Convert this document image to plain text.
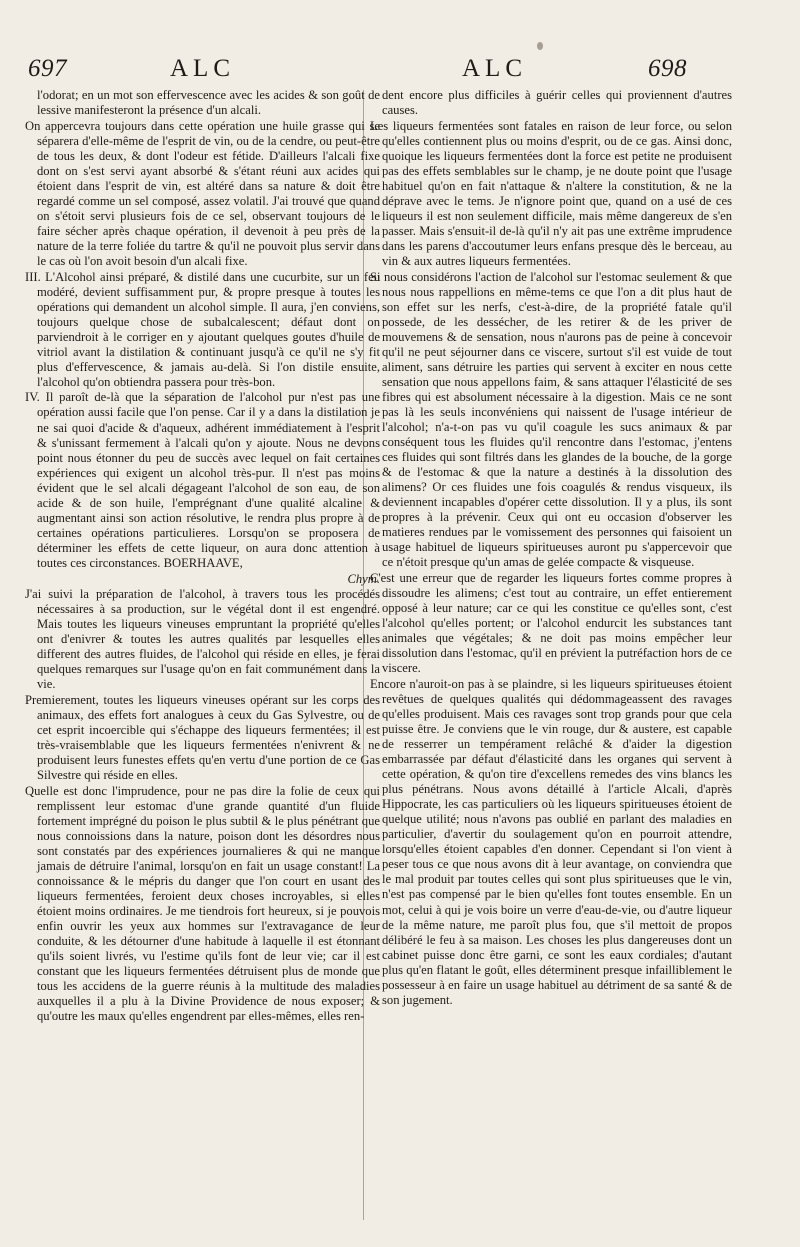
697	ALC	ALC	698

l'odorat; en un mot son effervescence avec les acides & son goût de lessive manifesteront la présence d'un alcali.

On appercevra toujours dans cette opération une huile grasse qui se séparera d'elle-même de l'esprit de vin, ou de la cendre, ou peut-être de tous les deux, & dont l'odeur est fétide. D'ailleurs l'alcali fixe dont on s'est servi ayant absorbé & s'étant réuni aux acides qui étoient dans l'esprit de vin, est altéré dans sa nature & doit être regardé comme un sel composé, assez volatil. J'ai trouvé que quand on s'étoit servi plusieurs fois de ce sel, observant toujours de le faire sécher après chaque opération, il devenoit à peu près de la nature de la terre foliée du tartre & qu'il ne pouvoit plus servir dans le cas où l'on avoit besoin d'un alcali fixe.

III. L'Alcohol ainsi préparé, & distilé dans une cucurbite, sur un feu modéré, devient suffisamment pur, & propre presque à toutes les opérations qui demandent un alcohol simple. Il aura, j'en conviens, toujours quelque chose de subalcalescent; défaut dont on parviendroit à le corriger en y ajoutant quelques goutes d'huile de vitriol avant la distilation & continuant jusqu'à ce qu'il ne s'y fit plus d'effervescence, & jamais au-delà. Si l'on distile ensuite, l'alcohol qu'on obtiendra passera pour très-bon.

IV. Il paroît de-là que la séparation de l'alcohol pur n'est pas une opération aussi facile que l'on pense. Car il y a dans la distilation je ne sai quoi d'acide & d'aqueux, adhérent immédiatement à l'esprit & s'unissant fermement à l'alcali qu'on y ajoute. Nous ne devons point nous étonner du peu de succès avec lequel on fait certaines expériences qui exigent un alcohol très-pur. Il n'est pas moins évident que le sel alcali dégageant l'alcohol de son eau, de son acide & de son huile, l'emprégnant d'une qualité alcaline & augmentant ainsi son action résolutive, le rendra plus propre à de certaines opérations particulieres. Lorsqu'on se proposera de déterminer les effets de cette liqueur, on aura donc attention à toutes ces circonstances. BOERHAAVE,

Chym.

J'ai suivi la préparation de l'alcohol, à travers tous les procédés nécessaires à sa production, sur le végétal dont il est engendré. Mais toutes les liqueurs vineuses empruntant la propriété qu'elles ont d'enivrer & toutes les autres qualités par lesquelles elles different des autres fluides, de l'alcohol qui réside en elles, je ferai quelques remarques sur l'usage qu'on en fait communément dans la vie.

Premierement, toutes les liqueurs vineuses opérant sur les corps des animaux, des effets fort analogues à ceux du Gas Sylvestre, ou de cet esprit incoercible qui s'échappe des liqueurs fermentées; il est très-vraisemblable que les liqueurs fermentées n'enivrent & ne produisent leurs funestes effets qu'en vertu d'une portion de ce Gas Silvestre qui réside en elles.

Quelle est donc l'imprudence, pour ne pas dire la folie de ceux qui remplissent leur estomac d'une grande quantité d'un fluide fortement imprégné du poison le plus subtil & le plus pénétrant que nous connoissions dans la nature, poison dont les désordres nous sont constatés par des expériences journalieres & qui ne manque jamais de détruire l'animal, lorsqu'on en fait un usage constant! La connoissance & le mépris du danger que l'on court en usant des liqueurs fermentées, feroient deux choses incroyables, si elles étoient moins ordinaires. Je me tiendrois fort heureux, si je pouvois enfin ouvrir les yeux aux hommes sur l'extravagance de leur conduite, & les détourner d'une habitude à laquelle il est étonnant qu'ils soient livrés, vu l'estime qu'ils font de leur vie; car il est constant que les liqueurs fermentées détruisent plus de monde que tous les accidens de la guerre réunis à la multitude des maladies auxquelles il a plu à la Divine Providence de nous exposer; & qu'outre les maux qu'elles engendrent par elles-mêmes, elles ren-

dent encore plus difficiles à guérir celles qui proviennent d'autres causes.

Les liqueurs fermentées sont fatales en raison de leur force, ou selon qu'elles contiennent plus ou moins d'esprit, ou de ce gas. Ainsi donc, quoique les liqueurs fermentées dont la force est petite ne produisent pas des effets semblables sur le champ, je ne doute point que l'usage habituel qu'on en fait n'attaque & n'altere la constitution, & ne la déprave avec le tems. Je n'ignore point que, quand on a usé de ces liqueurs il est non seulement difficile, mais même dangereux de s'en passer. Mais s'ensuit-il de-là qu'il n'y ait pas une extrême imprudence dans les parens d'accoutumer leurs enfans presque dès le berceau, au vin & aux autres liqueurs fermentées.

Si nous considérons l'action de l'alcohol sur l'estomac seulement & que nous nous rappellions en même-tems ce que l'on a dit plus haut de son effet sur les nerfs, c'est-à-dire, de la propriété fatale qu'il possede, de les dessécher, de les retirer & de les priver de mouvemens & de sensation, nous n'aurons pas de peine à concevoir qu'il ne peut séjourner dans ce viscere, surtout s'il est vuide de tout aliment, sans détruire les parties qui servent à exciter en nous cette sensation que nous appellons faim, & sans attaquer l'élasticité de ses fibres qui est absolument nécessaire à la digestion. Mais ce ne sont pas là les seuls inconvéniens qui naissent de l'usage intérieur de l'alcohol; n'a-t-on pas vu qu'il coagule les sucs animaux & par conséquent tous les fluides qu'il rencontre dans l'estomac, j'entens ces fluides qui sont filtrés dans les glandes de la bouche, de la gorge & de l'estomac & que la nature a destinés à la dissolution des alimens? Or ces fluides une fois coagulés & rendus visqueux, ils deviennent incapables d'opérer cette dissolution. Il y a plus, ils sont propres à la prévenir. Ceux qui ont eu occasion d'observer les matieres rendues par le vomissement des personnes qui faisoient un usage habituel de liqueurs spiritueuses auront pu s'appercevoir que ce n'étoit presque qu'un amas de gelée compacte & visqueuse.

C'est une erreur que de regarder les liqueurs fortes comme propres à dissoudre les alimens; c'est tout au contraire, un effet entierement opposé à leur nature; car ce qui les constitue ce qu'elles sont, c'est l'alcohol qu'elles portent; or l'alcohol endurcit les substances tant animales que végétales; & ne doit pas moins empêcher leur dissolution dans l'estomac, qu'il en prévient la putréfaction hors de ce viscere.

Encore n'auroit-on pas à se plaindre, si les liqueurs spiritueuses étoient revêtues de quelques qualités qui dédommageassent des ravages qu'elles produisent. Mais ces ravages sont trop grands pour que cela puisse être. Je conviens que le vin rouge, dur & austere, est capable de resserrer un tempérament relâché & d'aider la digestion embarrassée par défaut d'élasticité dans les organes qui servent à cette opération, & qu'on tire d'excellens remedes des vins blancs les plus pénétrans. Nous avons détaillé à l'article Alcali, d'après Hippocrate, les cas particuliers où les liqueurs spiritueuses étoient de quelque utilité; nous n'avons pas oublié en parlant des maladies en particulier, d'avertir du soulagement qu'on en pourroit attendre, lorsqu'elles étoient capables d'en donner. Cependant si l'on vient à peser tous ce que nous avons dit à leur avantage, on conviendra que le mal produit par toutes celles qui sont plus spiritueuses que le vin, n'est pas compensé par le bien qu'elles font toutes ensemble. En un mot, celui à qui je vois boire un verre d'eau-de-vie, ou d'autre liqueur de la même nature, me paroît plus fou, que s'il mettoit de propos délibéré le feu à sa maison. Les choses les plus dangereuses dont un cabinet puisse donc être garni, ce sont les eaux cordiales; d'autant plus qu'en flatant le goût, elles déterminent presque infailliblement le possesseur à en faire un usage habituel au détriment de sa santé & de son jugement.
